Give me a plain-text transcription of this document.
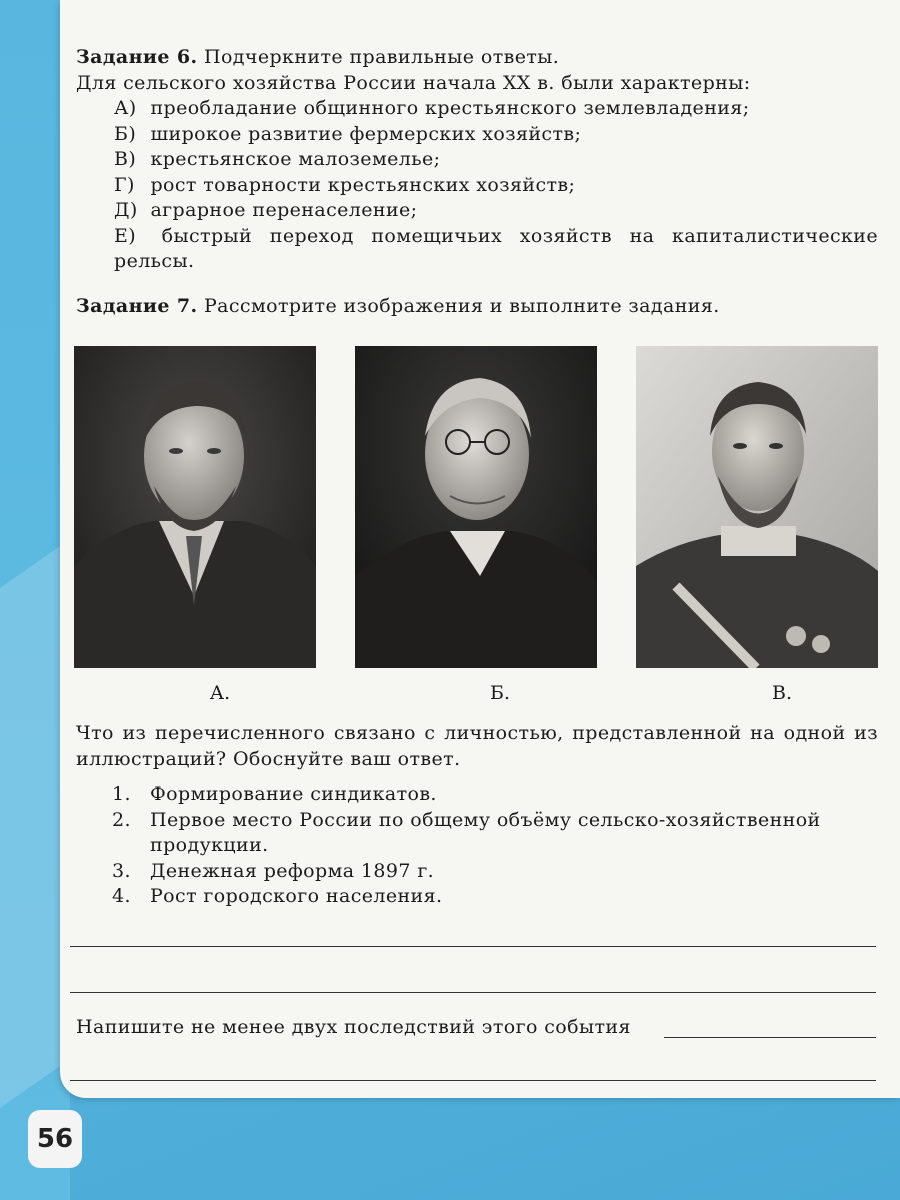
Задание 6. Подчеркните правильные ответы.

Для сельского хозяйства России начала XX в. были характерны:

А) преобладание общинного крестьянского землевладения;
Б) широкое развитие фермерских хозяйств;
В) крестьянское малоземелье;
Г) рост товарности крестьянских хозяйств;
Д) аграрное перенаселение;
Е) быстрый переход помещичьих хозяйств на капиталистические рельсы.

Задание 7. Рассмотрите изображения и выполните задания.

А.	Б.	В.

Что из перечисленного связано с личностью, представленной на одной из иллюстраций? Обоснуйте ваш ответ.

1. Формирование синдикатов.
2. Первое место России по общему объёму сельско-хозяйственной
продукции.
3. Денежная реформа 1897 г.
4. Рост городского населения.
Напишите не менее двух последствий этого события
56
